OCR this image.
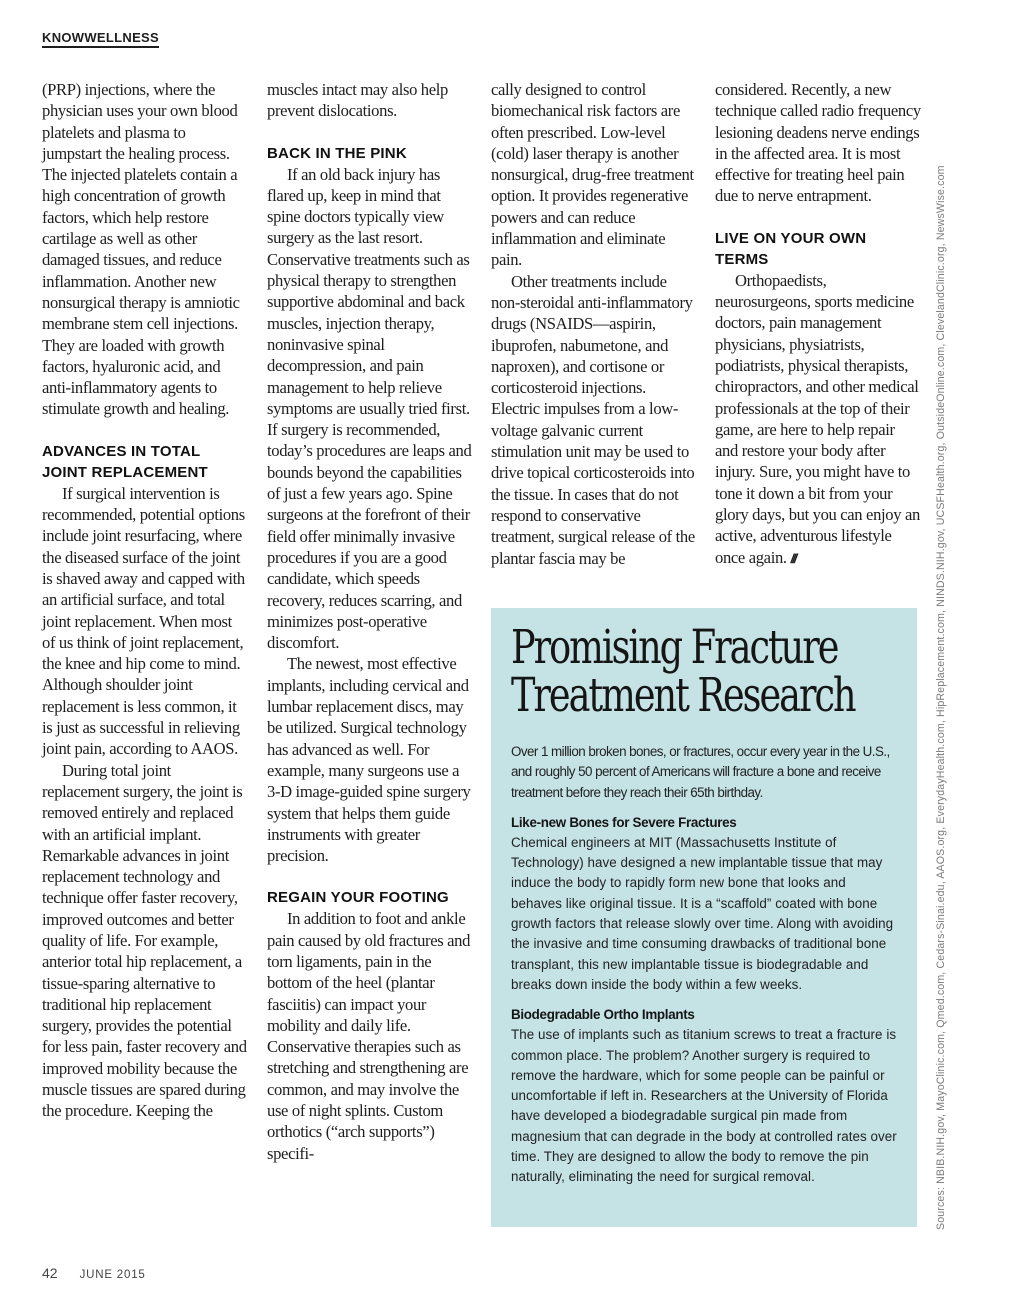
KNOWWELLNESS

(PRP) injections, where the physician uses your own blood platelets and plasma to jumpstart the healing process. The injected platelets contain a high concentration of growth factors, which help restore cartilage as well as other damaged tissues, and reduce inflammation. Another new nonsurgical therapy is amniotic membrane stem cell injections. They are loaded with growth factors, hyaluronic acid, and anti-inflammatory agents to stimulate growth and healing.

ADVANCES IN TOTAL JOINT REPLACEMENT

If surgical intervention is recommended, potential options include joint resurfacing, where the diseased surface of the joint is shaved away and capped with an artificial surface, and total joint replacement. When most of us think of joint replacement, the knee and hip come to mind. Although shoulder joint replacement is less common, it is just as successful in relieving joint pain, according to AAOS.

During total joint replacement surgery, the joint is removed entirely and replaced with an artificial implant. Remarkable advances in joint replacement technology and technique offer faster recovery, improved outcomes and better quality of life. For example, anterior total hip replacement, a tissue-sparing alternative to traditional hip replacement surgery, provides the potential for less pain, faster recovery and improved mobility because the muscle tissues are spared during the procedure. Keeping the

muscles intact may also help prevent dislocations.

BACK IN THE PINK

If an old back injury has flared up, keep in mind that spine doctors typically view surgery as the last resort. Conservative treatments such as physical therapy to strengthen supportive abdominal and back muscles, injection therapy, noninvasive spinal decompression, and pain management to help relieve symptoms are usually tried first. If surgery is recommended, today’s procedures are leaps and bounds beyond the capabilities of just a few years ago. Spine surgeons at the forefront of their field offer minimally invasive procedures if you are a good candidate, which speeds recovery, reduces scarring, and minimizes post-operative discomfort.

The newest, most effective implants, including cervical and lumbar replacement discs, may be utilized. Surgical technology has advanced as well. For example, many surgeons use a 3-D image-guided spine surgery system that helps them guide instruments with greater precision.

REGAIN YOUR FOOTING

In addition to foot and ankle pain caused by old fractures and torn ligaments, pain in the bottom of the heel (plantar fasciitis) can impact your mobility and daily life. Conservative therapies such as stretching and strengthening are common, and may involve the use of night splints. Custom orthotics (“arch supports”) specifi-

cally designed to control biomechanical risk factors are often prescribed. Low-level (cold) laser therapy is another nonsurgical, drug-free treatment option. It provides regenerative powers and can reduce inflammation and eliminate pain.

Other treatments include non-steroidal anti-inflammatory drugs (NSAIDS—aspirin, ibuprofen, nabumetone, and naproxen), and cortisone or corticosteroid injections. Electric impulses from a low-voltage galvanic current stimulation unit may be used to drive topical corticosteroids into the tissue. In cases that do not respond to conservative treatment, surgical release of the plantar fascia may be

considered. Recently, a new technique called radio frequency lesioning deadens nerve endings in the affected area. It is most effective for treating heel pain due to nerve entrapment.

LIVE ON YOUR OWN TERMS

Orthopaedists, neurosurgeons, sports medicine doctors, pain management physicians, physiatrists, podiatrists, physical therapists, chiropractors, and other medical professionals at the top of their game, are here to help repair and restore your body after injury. Sure, you might have to tone it down a bit from your glory days, but you can enjoy an active, adventurous lifestyle once again. ///

Promising Fracture
Treatment Research

Over 1 million broken bones, or fractures, occur every year in the U.S., and roughly 50 percent of Americans will fracture a bone and receive treatment before they reach their 65th birthday.

Like-new Bones for Severe Fractures

Chemical engineers at MIT (Massachusetts Institute of Technology) have designed a new implantable tissue that may induce the body to rapidly form new bone that looks and behaves like original tissue. It is a “scaffold” coated with bone growth factors that release slowly over time. Along with avoiding the invasive and time consuming drawbacks of traditional bone transplant, this new implantable tissue is biodegradable and breaks down inside the body within a few weeks.

Biodegradable Ortho Implants

The use of implants such as titanium screws to treat a fracture is common place. The problem? Another surgery is required to remove the hardware, which for some people can be painful or uncomfortable if left in. Researchers at the University of Florida have developed a biodegradable surgical pin made from magnesium that can degrade in the body at controlled rates over time. They are designed to allow the body to remove the pin naturally, eliminating the need for surgical removal.	Sources: NBIB.NIH.gov, MayoClinic.com, Qmed.com, Cedars-Sinai.edu, AAOS.org, EverydayHealth.com, HipReplacement.com, NINDS.NIH.gov, UCSFHealth.org, OutsideOnline.com, ClevelandClinic.org, NewsWise.com
42 JUNE 2015
